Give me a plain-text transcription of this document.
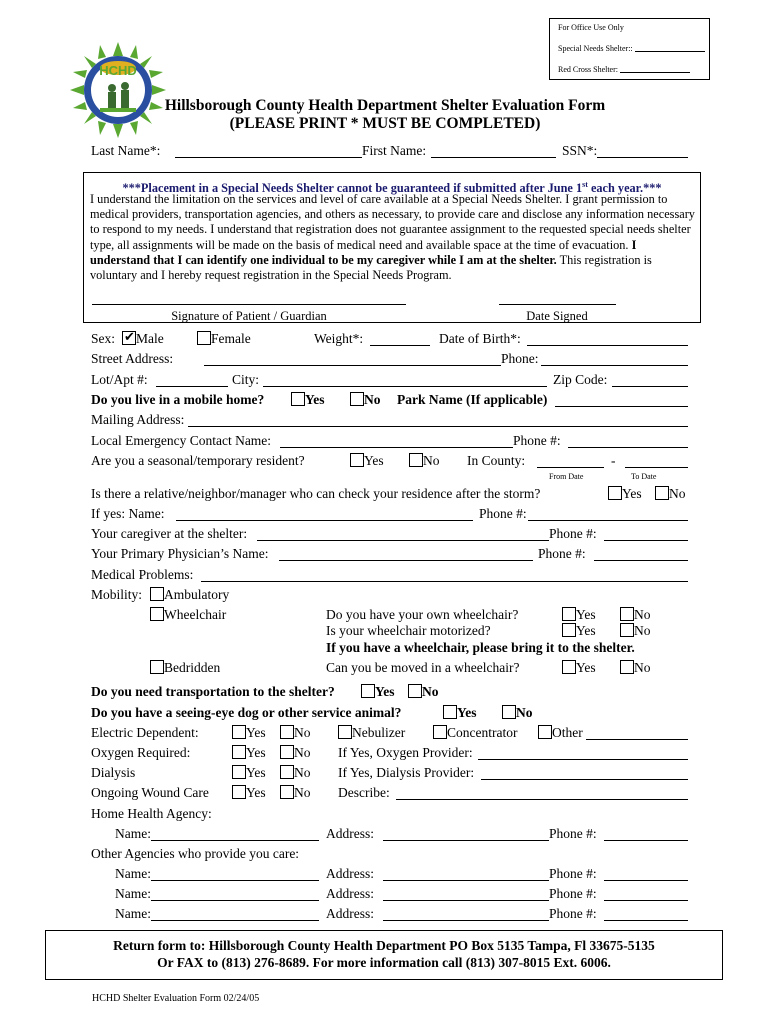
For Office Use Only
Special Needs Shelter::
Red Cross Shelter:
HCHD
Hillsborough County Health Department Shelter Evaluation Form
(PLEASE PRINT * MUST BE COMPLETED)
Last Name*:	First Name:	SSN*:
***Placement in a Special Needs Shelter cannot be guaranteed if submitted after June 1st each year.***
I understand the limitation on the services and level of care available at a Special Needs Shelter. I grant permission to medical providers, transportation agencies, and others as necessary, to provide care and disclose any information necessary to respond to my needs. I understand that registration does not guarantee assignment to the requested special needs shelter type, all assignments will be made on the basis of medical need and available space at the time of evacuation. I understand that I can identify one individual to be my caregiver while I am at the shelter. This registration is voluntary and I hereby request registration in the Special Needs Program.
Signature of Patient / Guardian	Date Signed
Sex: ✔	Male	Female	Weight*:	Date of Birth*:
Street Address:	Phone:
Lot/Apt #:	City:	Zip Code:
Do you live in a mobile home?	Yes	No Park Name (If applicable)
Mailing Address:
Local Emergency Contact Name:	Phone #:
Are you a seasonal/temporary resident?	Yes	No In County:	-
From Date	To Date
Is there a relative/neighbor/manager who can check your residence after the storm?	Yes	No
If yes: Name:	Phone #:
Your caregiver at the shelter:	Phone #:
Your Primary Physician’s Name:	Phone #:
Medical Problems:
Mobility:	Ambulatory
Wheelchair	Do you have your own wheelchair?	Yes	No
Is your wheelchair motorized?	Yes	No
If you have a wheelchair, please bring it to the shelter.
Bedridden	Can you be moved in a wheelchair?	Yes	No
Do you need transportation to the shelter?	Yes	No
Do you have a seeing-eye dog or other service animal?	Yes	No
Electric Dependent:	Yes	No	Nebulizer	Concentrator	Other
Oxygen Required:	Yes	No If Yes, Oxygen Provider:
Dialysis	Yes	No If Yes, Dialysis Provider:
Ongoing Wound Care	Yes	No Describe:
Home Health Agency:
Name:	Address:	Phone #:
Other Agencies who provide you care:
Name:	Address:	Phone #:
Name:	Address:	Phone #:
Name:	Address:	Phone #:
Return form to: Hillsborough County Health Department PO Box 5135 Tampa, Fl 33675-5135
Or FAX to (813) 276-8689. For more information call (813) 307-8015 Ext. 6006.
HCHD Shelter Evaluation Form 02/24/05
